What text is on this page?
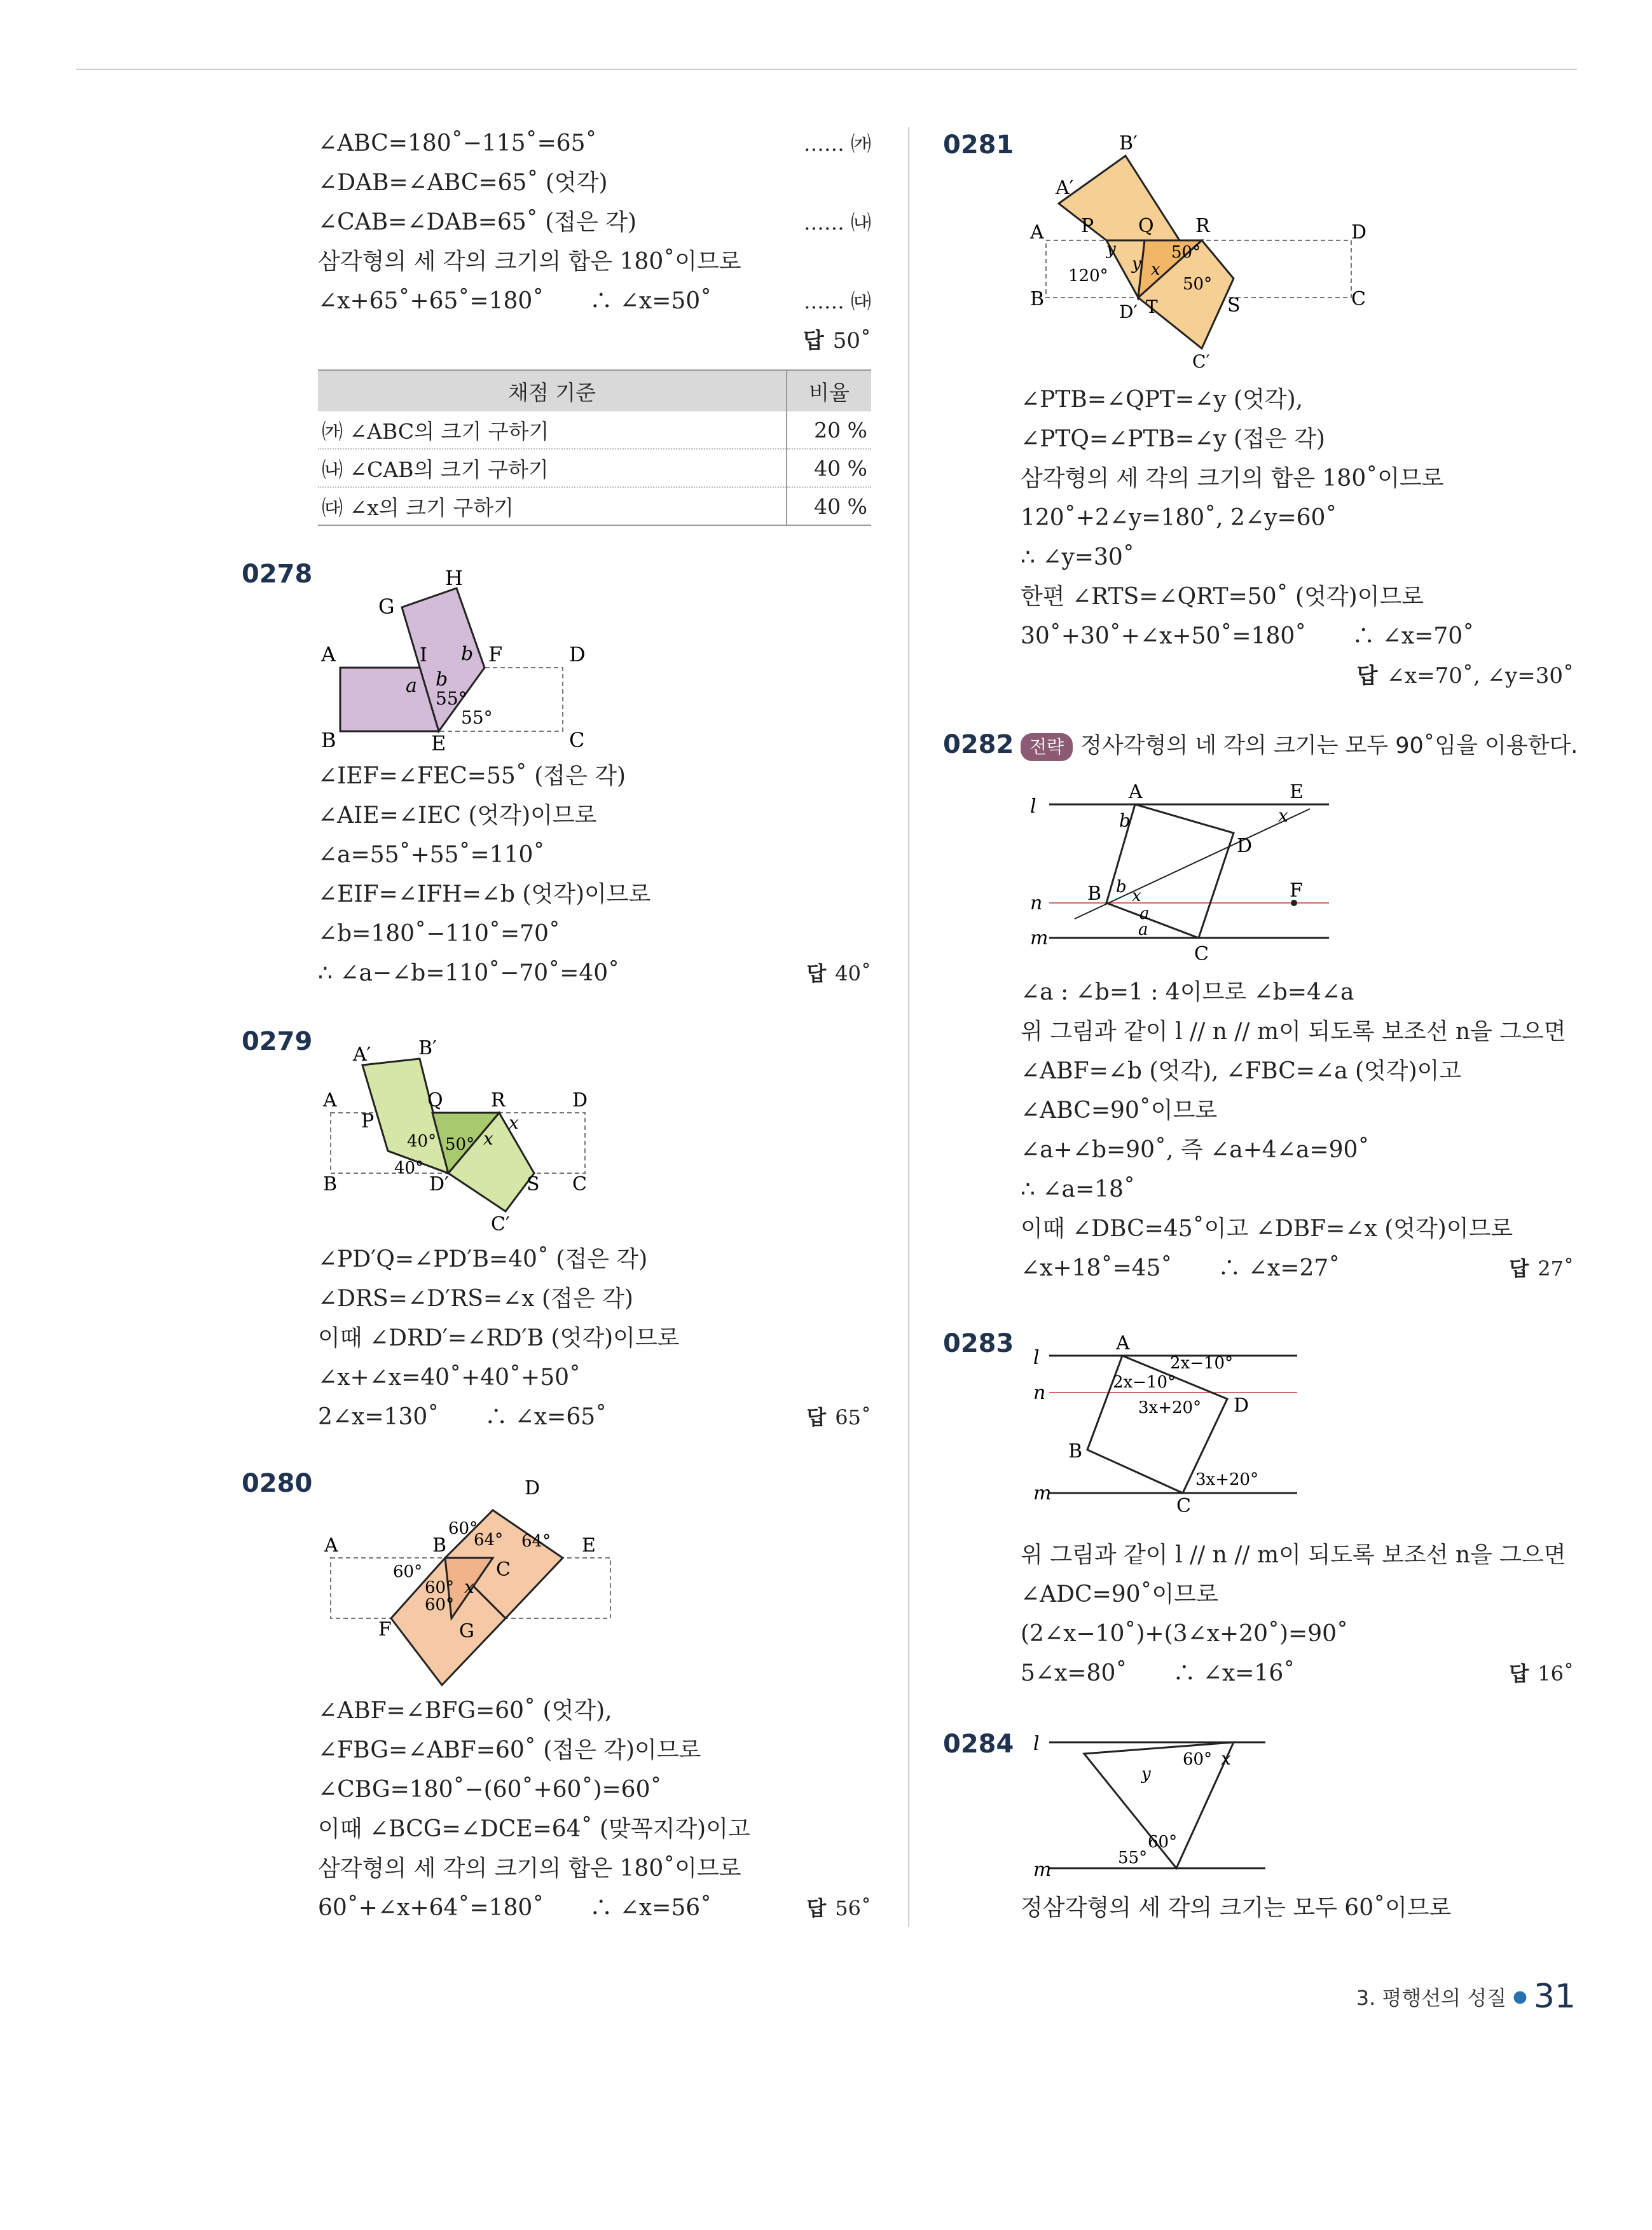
∠ABC=180˚−115˚=65˚	…… ㈎
∠DAB=∠ABC=65˚ (엇각)
∠CAB=∠DAB=65˚ (접은 각)	…… ㈏
삼각형의 세 각의 크기의 합은 180˚이므로
∠x+65˚+65˚=180˚　　∴ ∠x=50˚	…… ㈐
답 50˚
채점 기준	비율
㈎ ∠ABC의 크기 구하기	20 %
㈏ ∠CAB의 크기 구하기	40 %
㈐ ∠x의 크기 구하기	40 %
0278	H
G
A	I b F	D
a b
55°
55°
B	E	C
∠IEF=∠FEC=55˚ (접은 각)
∠AIE=∠IEC (엇각)이므로
∠a=55˚+55˚=110˚
∠EIF=∠IFH=∠b (엇각)이므로
∠b=180˚−110˚=70˚
∴ ∠a−∠b=110˚−70˚=40˚	답 40˚
0279 A′ B′
A
P
Q	R	D
40° 50°
x
x
40°
B	D′	S C
C′
∠PD′Q=∠PD′B=40˚ (접은 각)
∠DRS=∠D′RS=∠x (접은 각)
이때 ∠DRD′=∠RD′B (엇각)이므로
∠x+∠x=40˚+40˚+50˚
2∠x=130˚　　∴ ∠x=65˚	답 65˚
0280	D
A	B	E
60°
64° 64°
60°	C
60° x
60°
F	G
∠ABF=∠BFG=60˚ (엇각),
∠FBG=∠ABF=60˚ (접은 각)이므로
∠CBG=180˚−(60˚+60˚)=60˚
이때 ∠BCG=∠DCE=64˚ (맞꼭지각)이고
삼각형의 세 각의 크기의 합은 180˚이므로
60˚+∠x+64˚=180˚　　∴ ∠x=56˚	답 56˚
0281	B′
A′
A P Q R	D
y	50°
y x
120°	50°
B
D′ T	S	C
C′
∠PTB=∠QPT=∠y (엇각),
∠PTQ=∠PTB=∠y (접은 각)
삼각형의 세 각의 크기의 합은 180˚이므로
120˚+2∠y=180˚, 2∠y=60˚
∴ ∠y=30˚
한편 ∠RTS=∠QRT=50˚ (엇각)이므로
30˚+30˚+∠x+50˚=180˚　　∴ ∠x=70˚
답 ∠x=70˚, ∠y=30˚
0282 전략 정사각형의 네 각의 크기는 모두 90˚임을 이용한다.
l
n
m
A	E
b	x
D
B b x
a
a
F
C
∠a : ∠b=1 : 4이므로 ∠b=4∠a
위 그림과 같이 l // n // m이 되도록 보조선 n을 그으면
∠ABF=∠b (엇각), ∠FBC=∠a (엇각)이고
∠ABC=90˚이므로
∠a+∠b=90˚, 즉 ∠a+4∠a=90˚
∴ ∠a=18˚
이때 ∠DBC=45˚이고 ∠DBF=∠x (엇각)이므로
∠x+18˚=45˚　　∴ ∠x=27˚	답 27˚
0283 l
n
m
A
2x−10°
2x−10°
D
3x+20°
B
3x+20°
C
위 그림과 같이 l // n // m이 되도록 보조선 n을 그으면
∠ADC=90˚이므로
(2∠x−10˚)+(3∠x+20˚)=90˚
5∠x=80˚　　∴ ∠x=16˚	답 16˚
0284 l
m
y
60° x
60°
55°
정삼각형의 세 각의 크기는 모두 60˚이므로
3. 평행선의 성질 ● 31
